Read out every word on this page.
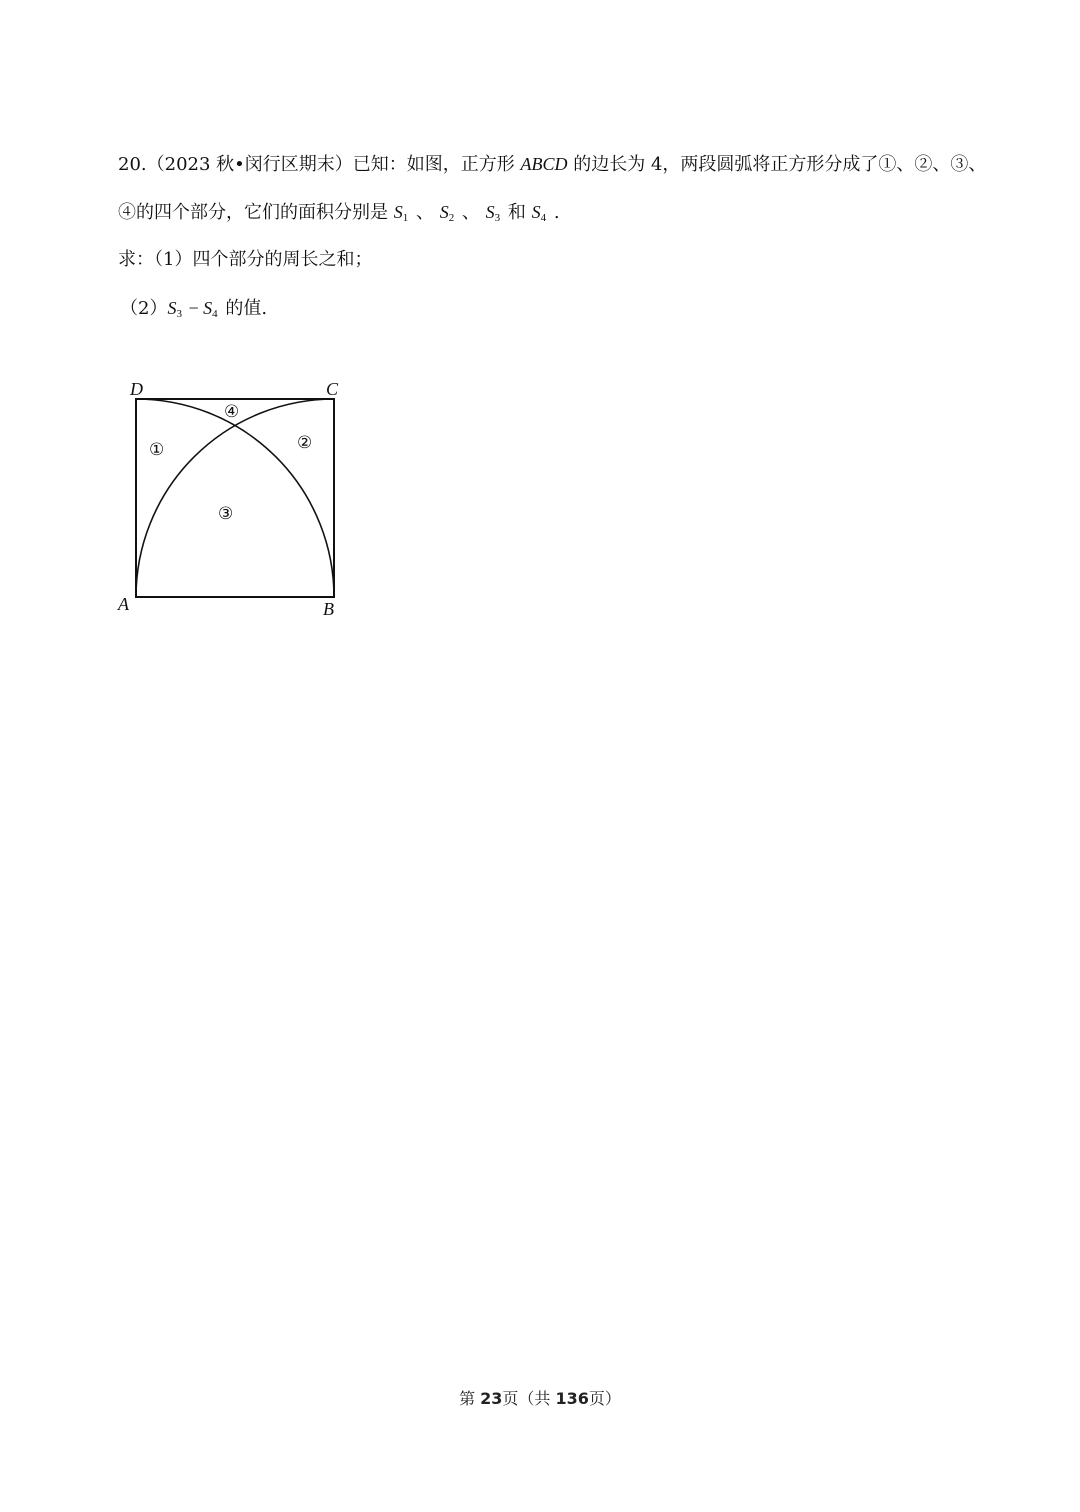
20.（2023 秋•闵行区期末）已知：如图，正方形 ABCD 的边长为 4，两段圆弧将正方形分成了①、②、③、
④的四个部分，它们的面积分别是 $S_1$ 、 $S_2$ 、 $S_3$ 和 $S_4$ .
求：（1）四个部分的周长之和；
$(2)S_3 - S_4$ 的值.
D	C
A	B
①	②
③
④
第 23页（共 136页）
